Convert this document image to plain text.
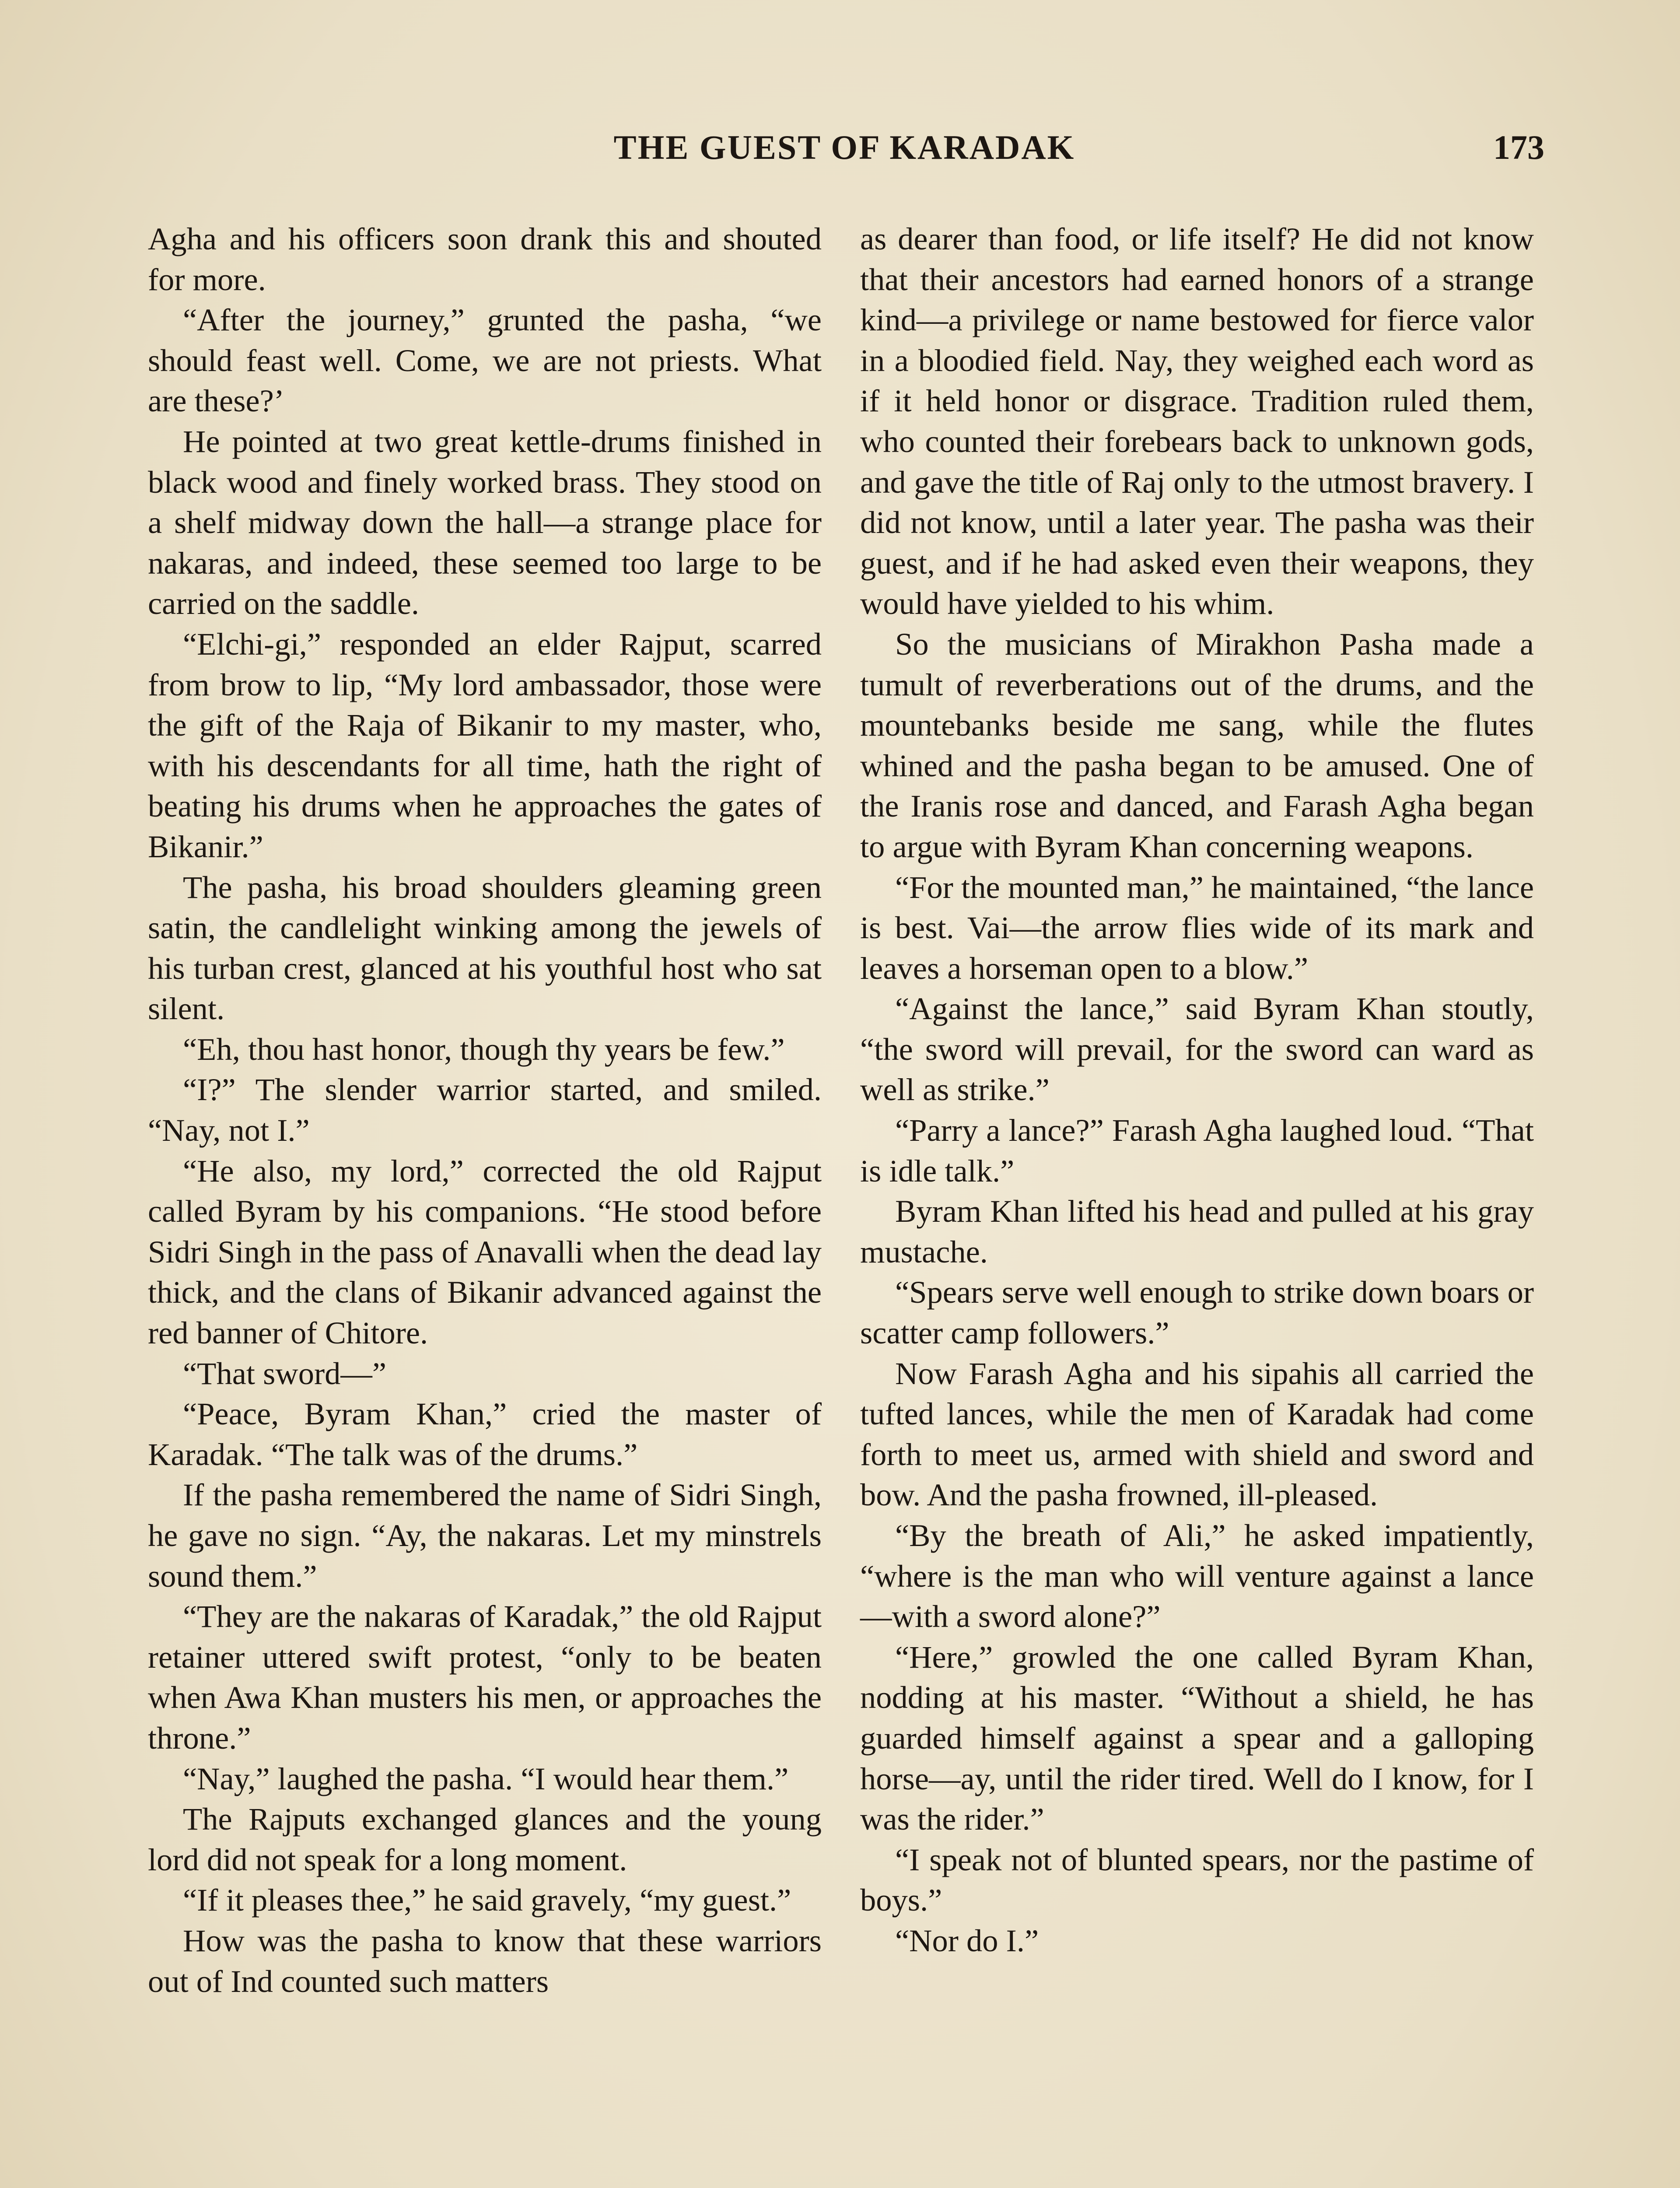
THE GUEST OF KARADAK	173

Agha and his officers soon drank this and shouted for more.

“After the journey,” grunted the pasha, “we should feast well. Come, we are not priests. What are these?’

He pointed at two great kettle-drums finished in black wood and finely worked brass. They stood on a shelf midway down the hall—a strange place for nakaras, and indeed, these seemed too large to be carried on the saddle.

“Elchi-gi,” responded an elder Rajput, scarred from brow to lip, “My lord ambassador, those were the gift of the Raja of Bikanir to my master, who, with his descendants for all time, hath the right of beating his drums when he approaches the gates of Bikanir.”

The pasha, his broad shoulders gleaming green satin, the candlelight winking among the jewels of his turban crest, glanced at his youthful host who sat silent.

“Eh, thou hast honor, though thy years be few.”

“I?” The slender warrior started, and smiled. “Nay, not I.”

“He also, my lord,” corrected the old Rajput called Byram by his companions. “He stood before Sidri Singh in the pass of Anavalli when the dead lay thick, and the clans of Bikanir advanced against the red banner of Chitore.

“That sword—”

“Peace, Byram Khan,” cried the master of Karadak. “The talk was of the drums.”

If the pasha remembered the name of Sidri Singh, he gave no sign. “Ay, the nakaras. Let my minstrels sound them.”

“They are the nakaras of Karadak,” the old Rajput retainer uttered swift protest, “only to be beaten when Awa Khan musters his men, or approaches the throne.”

“Nay,” laughed the pasha. “I would hear them.”

The Rajputs exchanged glances and the young lord did not speak for a long moment.

“If it pleases thee,” he said gravely, “my guest.”

How was the pasha to know that these warriors out of Ind counted such matters

as dearer than food, or life itself? He did not know that their ancestors had earned honors of a strange kind—a privilege or name bestowed for fierce valor in a bloodied field. Nay, they weighed each word as if it held honor or disgrace. Tradition ruled them, who counted their forebears back to unknown gods, and gave the title of Raj only to the utmost bravery. I did not know, until a later year. The pasha was their guest, and if he had asked even their weapons, they would have yielded to his whim.

So the musicians of Mirakhon Pasha made a tumult of reverberations out of the drums, and the mountebanks beside me sang, while the flutes whined and the pasha began to be amused. One of the Iranis rose and danced, and Farash Agha began to argue with Byram Khan concerning weapons.

“For the mounted man,” he maintained, “the lance is best. Vai—the arrow flies wide of its mark and leaves a horseman open to a blow.”

“Against the lance,” said Byram Khan stoutly, “the sword will prevail, for the sword can ward as well as strike.”

“Parry a lance?” Farash Agha laughed loud. “That is idle talk.”

Byram Khan lifted his head and pulled at his gray mustache.

“Spears serve well enough to strike down boars or scatter camp followers.”

Now Farash Agha and his sipahis all carried the tufted lances, while the men of Karadak had come forth to meet us, armed with shield and sword and bow. And the pasha frowned, ill-pleased.

“By the breath of Ali,” he asked impatiently, “where is the man who will venture against a lance—with a sword alone?”

“Here,” growled the one called Byram Khan, nodding at his master. “Without a shield, he has guarded himself against a spear and a galloping horse—ay, until the rider tired. Well do I know, for I was the rider.”

“I speak not of blunted spears, nor the pastime of boys.”

“Nor do I.”
